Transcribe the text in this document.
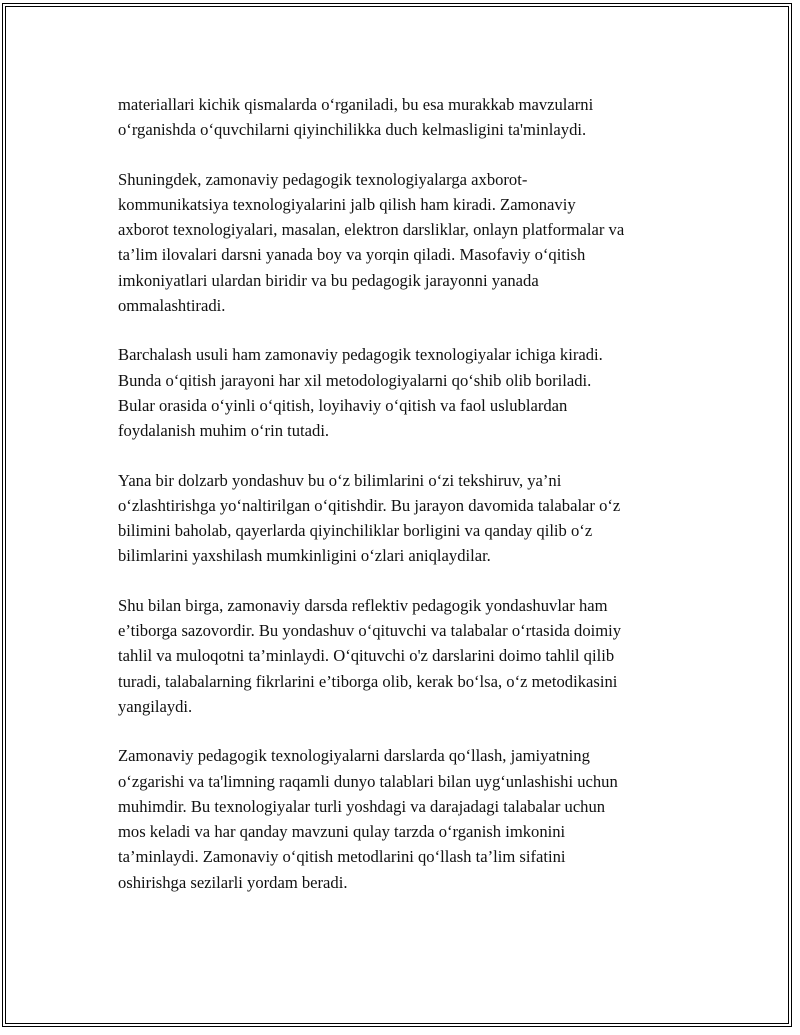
materiallari kichik qismalarda o‘rganiladi, bu esa murakkab mavzularni
o‘rganishda o‘quvchilarni qiyinchilikka duch kelmasligini ta'minlaydi.

Shuningdek, zamonaviy pedagogik texnologiyalarga axborot-
kommunikatsiya texnologiyalarini jalb qilish ham kiradi. Zamonaviy
axborot texnologiyalari, masalan, elektron darsliklar, onlayn platformalar va
ta’lim ilovalari darsni yanada boy va yorqin qiladi. Masofaviy o‘qitish
imkoniyatlari ulardan biridir va bu pedagogik jarayonni yanada
ommalashtiradi.

Barchalash usuli ham zamonaviy pedagogik texnologiyalar ichiga kiradi.
Bunda o‘qitish jarayoni har xil metodologiyalarni qo‘shib olib boriladi.
Bular orasida o‘yinli o‘qitish, loyihaviy o‘qitish va faol uslublardan
foydalanish muhim o‘rin tutadi.

Yana bir dolzarb yondashuv bu o‘z bilimlarini o‘zi tekshiruv, ya’ni
o‘zlashtirishga yo‘naltirilgan o‘qitishdir. Bu jarayon davomida talabalar o‘z
bilimini baholab, qayerlarda qiyinchiliklar borligini va qanday qilib o‘z
bilimlarini yaxshilash mumkinligini o‘zlari aniqlaydilar.

Shu bilan birga, zamonaviy darsda reflektiv pedagogik yondashuvlar ham
e’tiborga sazovordir. Bu yondashuv o‘qituvchi va talabalar o‘rtasida doimiy
tahlil va muloqotni ta’minlaydi. O‘qituvchi o'z darslarini doimo tahlil qilib
turadi, talabalarning fikrlarini e’tiborga olib, kerak bo‘lsa, o‘z metodikasini
yangilaydi.

Zamonaviy pedagogik texnologiyalarni darslarda qo‘llash, jamiyatning
o‘zgarishi va ta'limning raqamli dunyo talablari bilan uyg‘unlashishi uchun
muhimdir. Bu texnologiyalar turli yoshdagi va darajadagi talabalar uchun
mos keladi va har qanday mavzuni qulay tarzda o‘rganish imkonini
ta’minlaydi. Zamonaviy o‘qitish metodlarini qo‘llash ta’lim sifatini
oshirishga sezilarli yordam beradi.
